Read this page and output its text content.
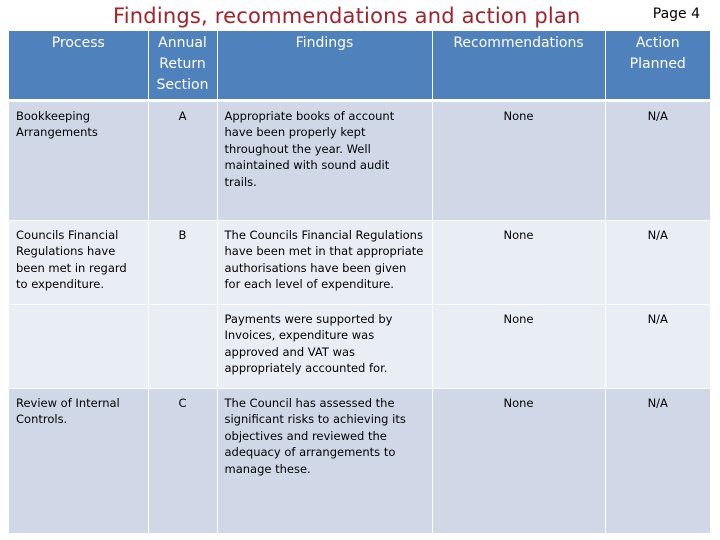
Findings, recommendations and action plan	Page 4
Process	Annual Return Section	Findings	Recommendations	Action Planned
Bookkeeping Arrangements	A	Appropriate books of account have been properly kept throughout the year. Well maintained with sound audit trails.	None	N/A
Councils Financial Regulations have been met in regard to expenditure.	B	The Councils Financial Regulations have been met in that appropriate authorisations have been given for each level of expenditure.	None	N/A
		Payments were supported by Invoices, expenditure was approved and VAT was appropriately accounted for.	None	N/A
Review of Internal Controls.	C	The Council has assessed the significant risks to achieving its objectives and reviewed the adequacy of arrangements to manage these.	None	N/A
